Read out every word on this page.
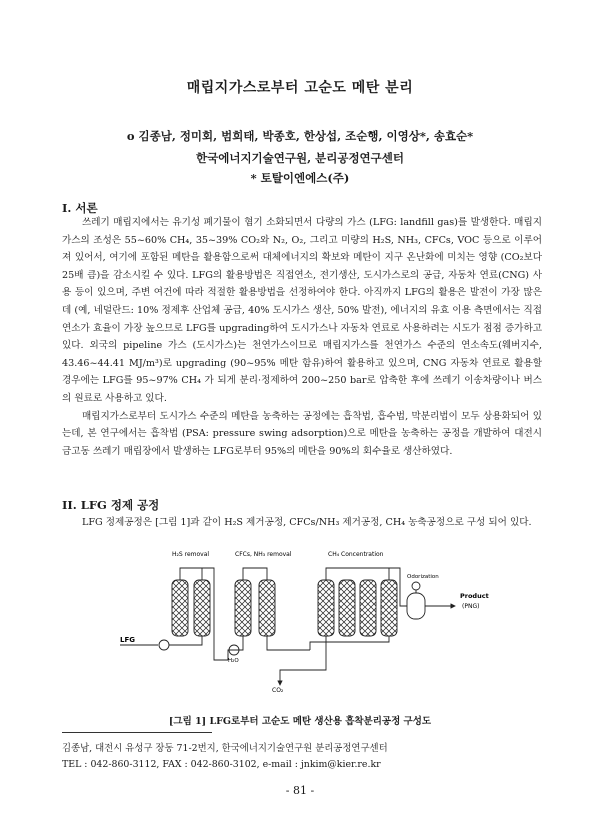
매립지가스로부터 고순도 메탄 분리
o 김종남, 정미회, 범희태, 박종호, 한상섭, 조순행, 이영상*, 송효순*
한국에너지기술연구원, 분리공정연구센터
* 토탈이엔에스(주)
I. 서론

쓰레기 매립지에서는 유기성 폐기물이 혐기 소화되면서 다량의 가스 (LFG: landfill gas)를 발생한다. 매립지가스의 조성은 55~60% CH₄, 35~39% CO₂와 N₂, O₂, 그리고 미량의 H₂S, NH₃, CFCs, VOC 등으로 이루어져 있어서, 여기에 포함된 메탄을 활용함으로써 대체에너지의 확보와 메탄이 지구 온난화에 미치는 영향 (CO₂보다 25배 큼)을 감소시킬 수 있다. LFG의 활용방법은 직접연소, 전기생산, 도시가스로의 공급, 자동차 연료(CNG) 사용 등이 있으며, 주변 여건에 따라 적절한 활용방법을 선정하여야 한다. 아직까지 LFG의 활용은 발전이 가장 많은데 (예, 네덜란드: 10% 정제후 산업체 공급, 40% 도시가스 생산, 50% 발전), 에너지의 유효 이용 측면에서는 직접연소가 효율이 가장 높으므로 LFG를 upgrading하여 도시가스나 자동차 연료로 사용하려는 시도가 점점 증가하고 있다. 외국의 pipeline 가스 (도시가스)는 천연가스이므로 매립지가스를 천연가스 수준의 연소속도(웨버지수, 43.46~44.41 MJ/m³)로 upgrading (90~95% 메탄 함유)하여 활용하고 있으며, CNG 자동차 연료로 활용할 경우에는 LFG를 95~97% CH₄ 가 되게 분리·정제하여 200~250 bar로 압축한 후에 쓰레기 이송차량이나 버스의 원료로 사용하고 있다.

매립지가스로부터 도시가스 수준의 메탄을 농축하는 공정에는 흡착법, 흡수법, 막분리법이 모두 상용화되어 있는데, 본 연구에서는 흡착법 (PSA: pressure swing adsorption)으로 메탄을 농축하는 공정을 개발하여 대전시 금고동 쓰레기 매립장에서 발생하는 LFG로부터 95%의 메탄을 90%의 회수율로 생산하였다.

II. LFG 정제 공정

LFG 정제공정은 [그림 1]과 같이 H₂S 제거공정, CFCs/NH₃ 제거공정, CH₄ 농축공정으로 구성 되어 있다.

H₂S removal	CFCs, NH₃ removal	CH₄ Concentration
Odorization
Product
(PNG)
LFG
H₂O
CO₂
[그림 1] LFG로부터 고순도 메탄 생산용 흡착분리공정 구성도
김종남, 대전시 유성구 장동 71-2번지, 한국에너지기술연구원 분리공정연구센터
TEL : 042-860-3112, FAX : 042-860-3102, e-mail : jnkim@kier.re.kr
- 81 -
